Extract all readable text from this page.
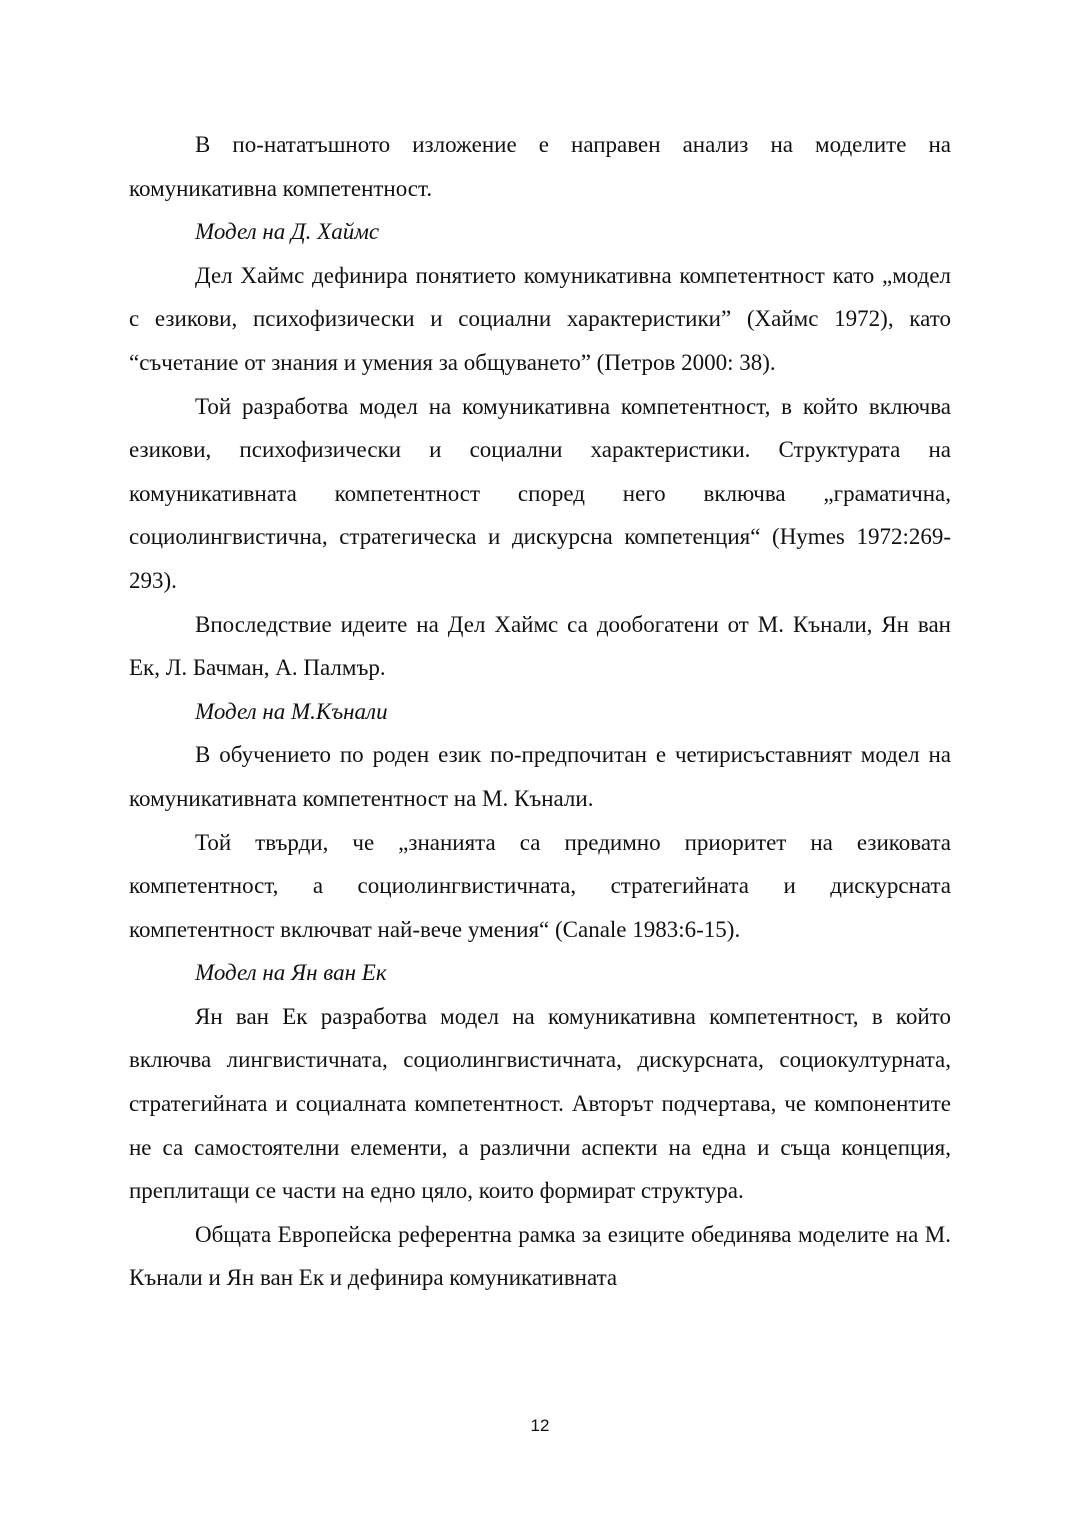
В по-нататъшното изложение е направен анализ на моделите на комуникативна компетентност.

Модел на Д. Хаймс

Дел Хаймс дефинира понятието комуникативна компетентност като „модел с езикови, психофизически и социални характеристики” (Хаймс 1972), като “съчетание от знания и умения за общуването” (Петров 2000: 38).

Той разработва модел на комуникативна компетентност, в който включва езикови, психофизически и социални характеристики. Структурата на комуникативната компетентност според него включва „граматична, социолингвистична, стратегическа и дискурсна компетенция“ (Hymes 1972:269-293).

Впоследствие идеите на Дел Хаймс са дообогатени от М. Кънали, Ян ван Ек, Л. Бачман, А. Палмър.

Модел на М.Кънали

В обучението по роден език по-предпочитан е четирисъставният модел на комуникативната компетентност на М. Кънали.

Той твърди, че „знанията са предимно приоритет на езиковата компетентност, а социолингвистичната, стратегийната и дискурсната компетентност включват най-вече умения“ (Canale 1983:6-15).

Модел на Ян ван Ек

Ян ван Ек разработва модел на комуникативна компетентност, в който включва лингвистичната, социолингвистичната, дискурсната, социокултурната, стратегийната и социалната компетентност. Авторът подчертава, че компонентите не са самостоятелни елементи, а различни аспекти на една и съща концепция, преплитащи се части на едно цяло, които формират структура.

Общата Европейска референтна рамка за езиците обединява моделите на М. Кънали и Ян ван Ек и дефинира комуникативната

12
